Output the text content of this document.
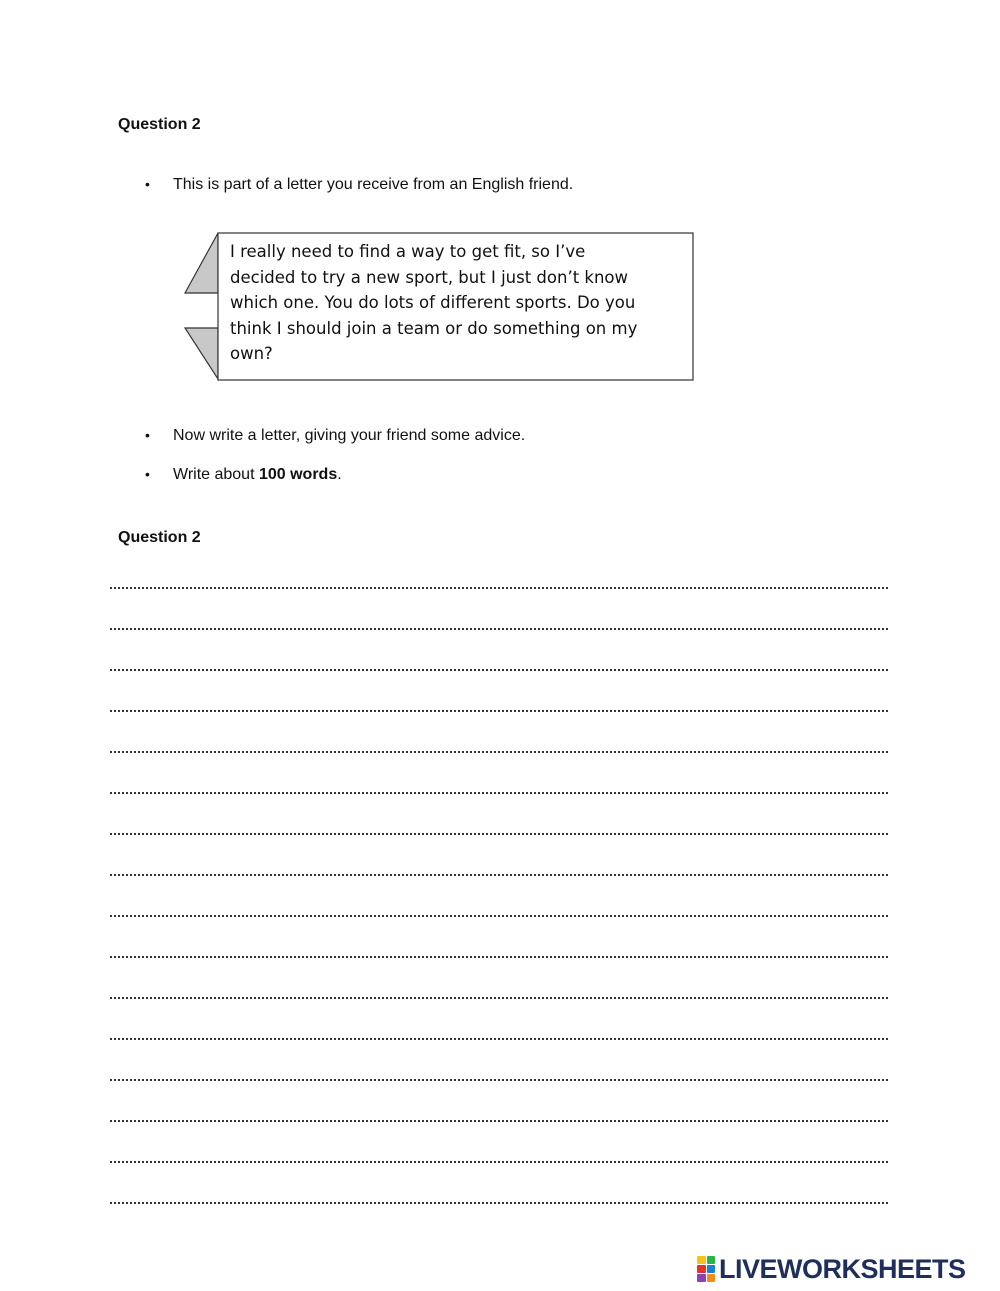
Question 2
• This is part of a letter you receive from an English friend.
I really need to find a way to get fit, so I’ve
decided to try a new sport, but I just don’t know
which one. You do lots of different sports. Do you
think I should join a team or do something on my
own?
• Now write a letter, giving your friend some advice.
• Write about 100 words.
Question 2
LIVEWORKSHEETS
